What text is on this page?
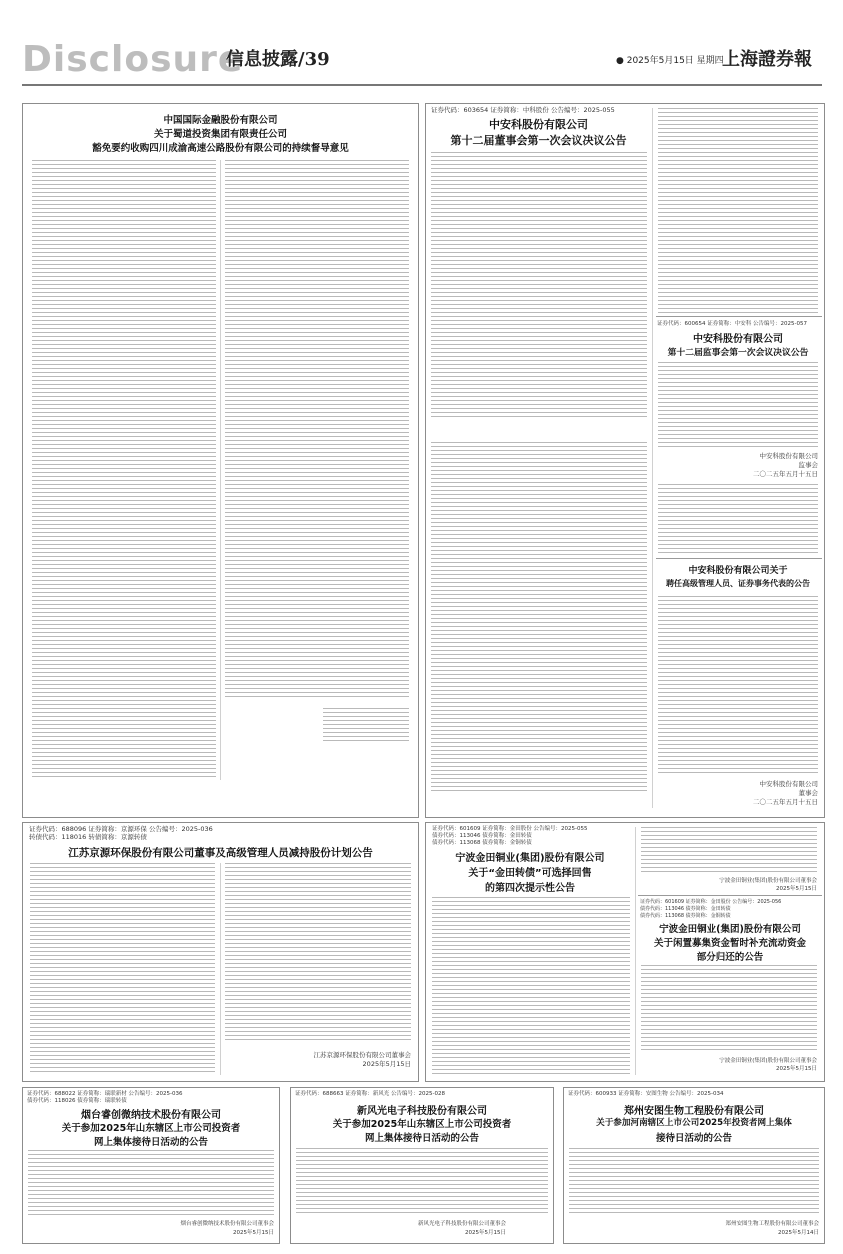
Disclosure
信息披露/39	● 2025年5月15日 星期四
上海證券報
中国国际金融股份有限公司
关于蜀道投资集团有限责任公司
豁免要约收购四川成渝高速公路股份有限公司的持续督导意见
证券代码：603654 证券简称：中科股份 公告编号：2025-055
中安科股份有限公司
第十二届董事会第一次会议决议公告
证券代码：600654 证券简称：中安科 公告编号：2025-057
中安科股份有限公司
第十二届监事会第一次会议决议公告
中安科股份有限公司
监事会
二〇二五年五月十五日
中安科股份有限公司关于
聘任高级管理人员、证券事务代表的公告
中安科股份有限公司
董事会
二〇二五年五月十五日
证券代码：688096 证券简称：京源环保 公告编号：2025-036
转债代码：118016 转债简称：京源转债
江苏京源环保股份有限公司董事及高级管理人员减持股份计划公告
江苏京源环保股份有限公司董事会
2025年5月15日
证券代码：601609 证券简称：金田股份 公告编号：2025-055
债券代码：113046 债券简称：金田转债
债券代码：113068 债券简称：金铜转债
宁波金田铜业(集团)股份有限公司
关于“金田转债”可选择回售
的第四次提示性公告
宁波金田铜业(集团)股份有限公司董事会
2025年5月15日
证券代码：601609 证券简称：金田股份 公告编号：2025-056
债券代码：113046 债券简称：金田转债
债券代码：113068 债券简称：金铜转债
宁波金田铜业(集团)股份有限公司
关于闲置募集资金暂时补充流动资金
部分归还的公告
宁波金田铜业(集团)股份有限公司董事会
2025年5月15日
证券代码：688022 证券简称：瑞联新材 公告编号：2025-036
债券代码：118026 债券简称：瑞联转债
烟台睿创微纳技术股份有限公司
关于参加2025年山东辖区上市公司投资者
网上集体接待日活动的公告
烟台睿创微纳技术股份有限公司董事会
2025年5月15日
证券代码：688663 证券简称：新风光 公告编号：2025-028
新风光电子科技股份有限公司
关于参加2025年山东辖区上市公司投资者
网上集体接待日活动的公告
新风光电子科技股份有限公司董事会
2025年5月15日
证券代码：600933 证券简称：安图生物 公告编号：2025-034
郑州安图生物工程股份有限公司
关于参加河南辖区上市公司2025年投资者网上集体
接待日活动的公告
郑州安图生物工程股份有限公司董事会
2025年5月14日
